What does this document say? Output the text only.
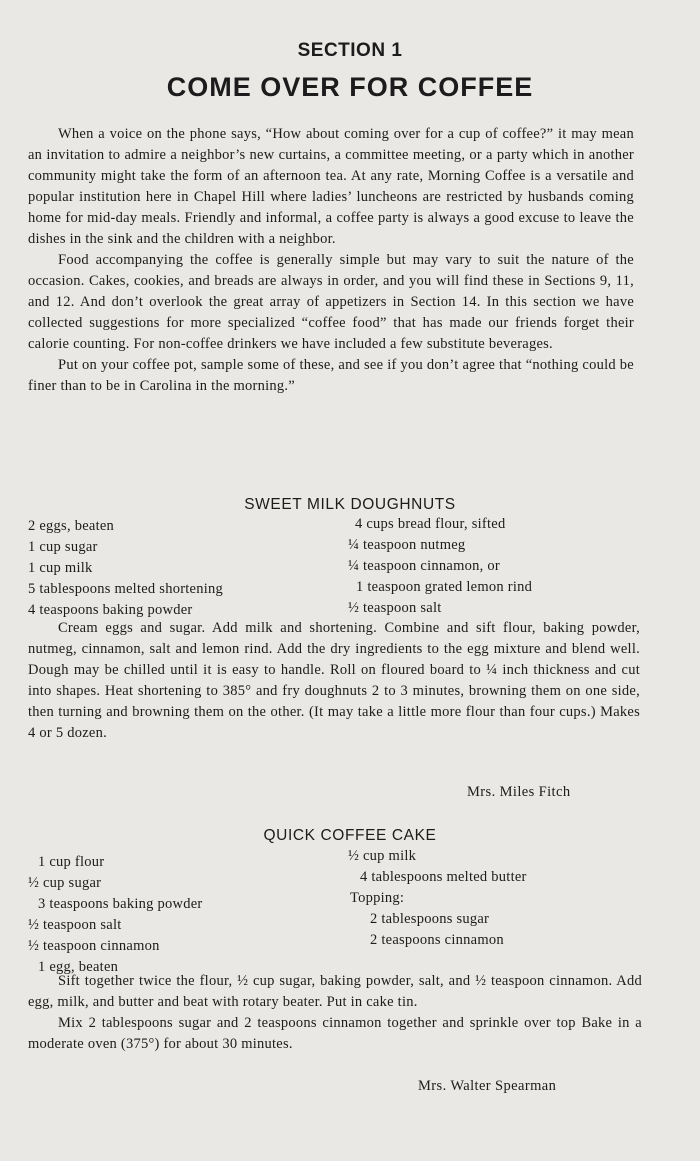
SECTION 1
COME OVER FOR COFFEE

When a voice on the phone says, “How about coming over for a cup of coffee?” it may mean an invitation to admire a neighbor’s new curtains, a committee meeting, or a party which in another community might take the form of an afternoon tea. At any rate, Morning Coffee is a versatile and popular institution here in Chapel Hill where ladies’ luncheons are restricted by husbands coming home for mid-day meals. Friendly and informal, a coffee party is always a good excuse to leave the dishes in the sink and the children with a neighbor.

Food accompanying the coffee is generally simple but may vary to suit the nature of the occasion. Cakes, cookies, and breads are always in order, and you will find these in Sections 9, 11, and 12. And don’t overlook the great array of appetizers in Section 14. In this section we have collected suggestions for more specialized “coffee food” that has made our friends forget their calorie counting. For non-coffee drinkers we have included a few substitute beverages.

Put on your coffee pot, sample some of these, and see if you don’t agree that “nothing could be finer than to be in Carolina in the morning.”

SWEET MILK DOUGHNUTS
2 eggs, beaten
1 cup sugar
1 cup milk
5 tablespoons melted shortening
4 teaspoons baking powder
4 cups bread flour, sifted
¼ teaspoon nutmeg
¼ teaspoon cinnamon, or
1 teaspoon grated lemon rind
½ teaspoon salt

Cream eggs and sugar. Add milk and shortening. Combine and sift flour, baking powder, nutmeg, cinnamon, salt and lemon rind. Add the dry ingredients to the egg mixture and blend well. Dough may be chilled until it is easy to handle. Roll on floured board to ¼ inch thickness and cut into shapes. Heat shortening to 385° and fry doughnuts 2 to 3 minutes, browning them on one side, then turning and browning them on the other. (It may take a little more flour than four cups.) Makes 4 or 5 dozen.

Mrs. Miles Fitch
QUICK COFFEE CAKE
1 cup flour
½ cup sugar
3 teaspoons baking powder
½ teaspoon salt
½ teaspoon cinnamon
1 egg, beaten
½ cup milk
4 tablespoons melted butter
Topping:
2 tablespoons sugar
2 teaspoons cinnamon

Sift together twice the flour, ½ cup sugar, baking powder, salt, and ½ teaspoon cinnamon. Add egg, milk, and butter and beat with rotary beater. Put in cake tin.

Mix 2 tablespoons sugar and 2 teaspoons cinnamon together and sprinkle over top Bake in a moderate oven (375°) for about 30 minutes.

Mrs. Walter Spearman
